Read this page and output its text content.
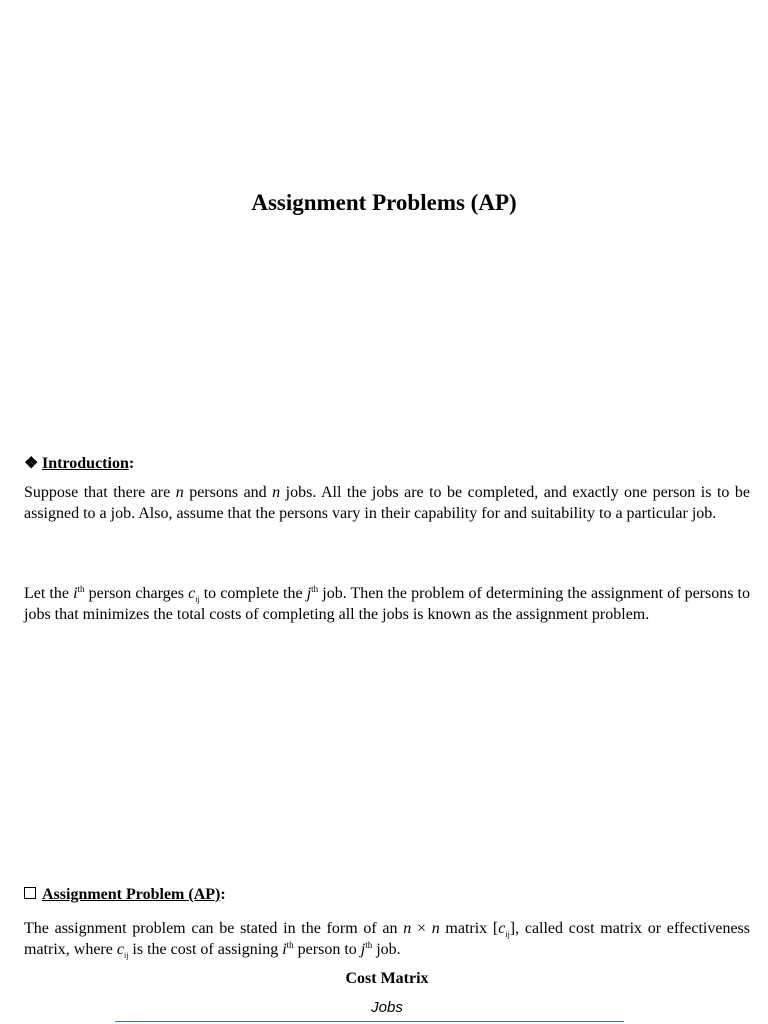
Assignment Problems (AP)
❖ Introduction:

Suppose that there are n persons and n jobs. All the jobs are to be completed, and exactly one person is to be assigned to a job. Also, assume that the persons vary in their capability for and suitability to a particular job.

Let the $i^{th}$ person charges $c_{ij}$ to complete the $j^{th}$ job. Then the problem of determining the assignment of persons to jobs that minimizes the total costs of completing all the jobs is known as the assignment problem.

Assignment Problem (AP):

The assignment problem can be stated in the form of an n × n matrix $[c_{ij}]$, called cost matrix or effectiveness matrix, where $c_{ij}$ is the cost of assigning $i^{th}$ person to $j^{th}$ job.

Cost Matrix
Jobs
